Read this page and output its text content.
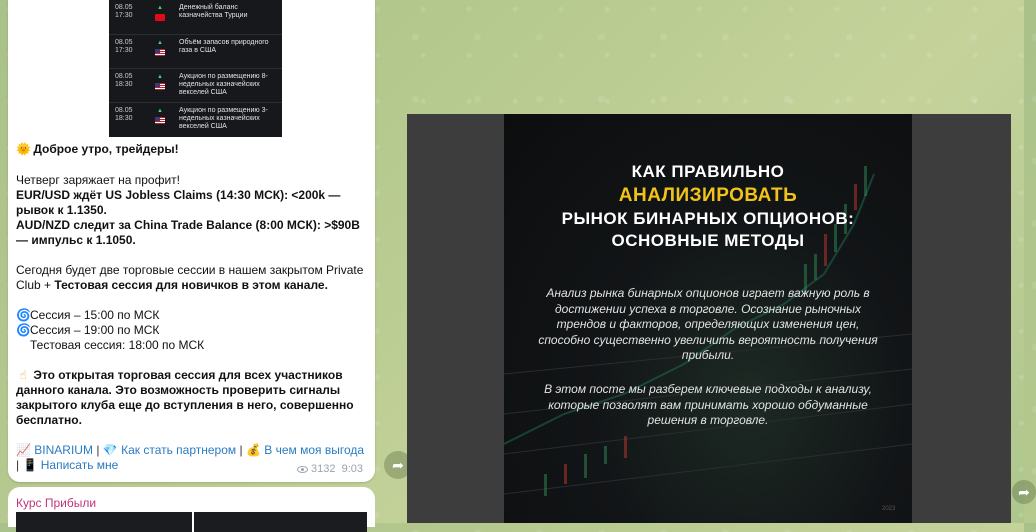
08.05
17:30
▲ Денежный баланс казначейства Турции
08.05
17:30
▲ Объём запасов природного газа в США
08.05
18:30
▲ Аукцион по размещению 8-недельных казначейских векселей США
08.05
18:30
▲ Аукцион по размещению 3-недельных казначейских векселей США

🌞 Доброе утро, трейдеры!

Четверг заряжает на профит!
EUR/USD ждёт US Jobless Claims (14:30 МСК): <200k — рывок к 1.1350.
AUD/NZD следит за China Trade Balance (8:00 МСК): >$90B — импульс к 1.1050.

Сегодня будет две торговые сессии в нашем закрытом Private Club + Тестовая сессия для новичков в этом канале.

🌀Сессия – 15:00 по МСК
🌀Сессия – 19:00 по МСК
Тестовая сессия: 18:00 по МСК

☝ Это открытая торговая сессия для всех участников данного канала. Это возможность проверить сигналы закрытого клуба еще до вступления в него, совершенно бесплатно.

📈 BINARIUM | 💎 Как стать партнером | 💰 В чем моя выгода | 📱 Написать мне	3132 9:03 ➦
Курс Прибыли
КАК ПРАВИЛЬНО
АНАЛИЗИРОВАТЬ
РЫНОК БИНАРНЫХ ОПЦИОНОВ:
ОСНОВНЫЕ МЕТОДЫ
Анализ рынка бинарных опционов играет важную роль в достижении успеха в торговле. Осознание рыночных трендов и факторов, определяющих изменения цен, способно существенно увеличить вероятность получения прибыли.
В этом посте мы разберем ключевые подходы к анализу, которые позволят вам принимать хорошо обдуманные решения в торговле.
2023
➦
